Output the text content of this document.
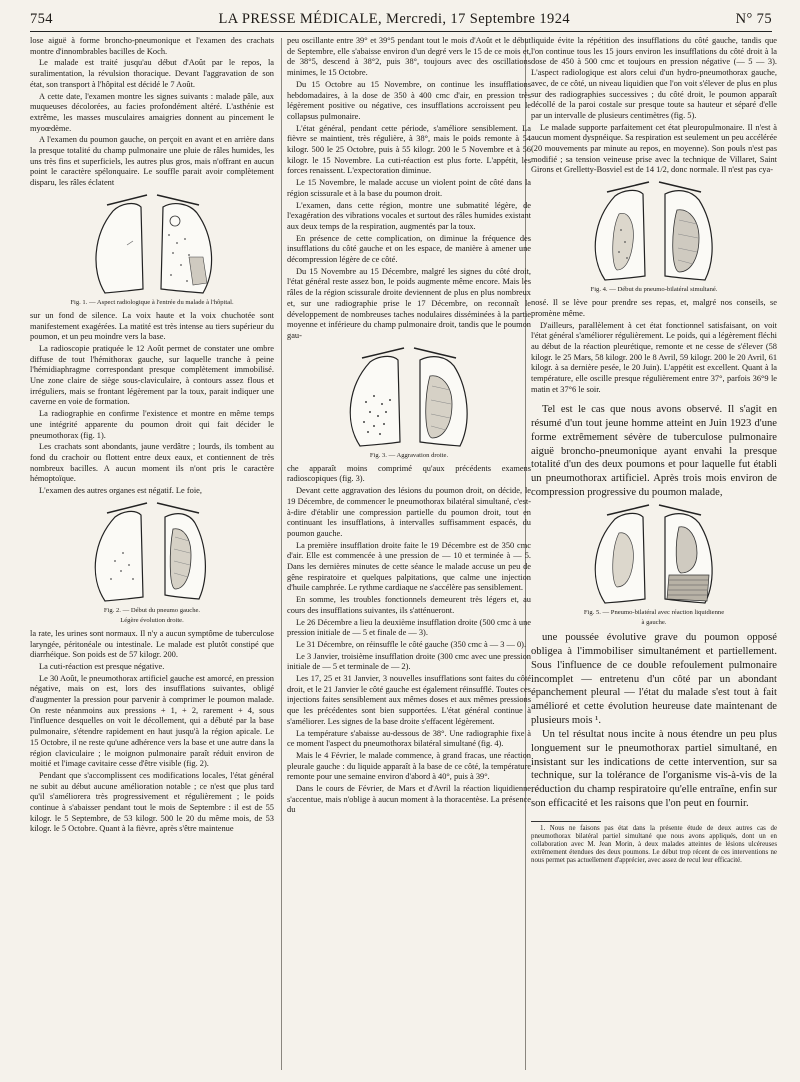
754	LA PRESSE MÉDICALE, Mercredi, 17 Septembre 1924	N° 75

lose aiguë à forme broncho-pneumonique et l'examen des crachats montre d'innombrables bacilles de Koch.

Le malade est traité jusqu'au début d'Août par le repos, la suralimentation, la révulsion thoracique. Devant l'aggravation de son état, son transport à l'hôpital est décidé le 7 Août.

A cette date, l'examen montre les signes suivants : malade pâle, aux muqueuses décolorées, au facies profondément altéré. L'asthénie est extrême, les masses musculaires amaigries donnent au pincement le myoœdème.

A l'examen du poumon gauche, on perçoit en avant et en arrière dans la presque totalité du champ pulmonaire une pluie de râles humides, les uns très fins et superficiels, les autres plus gros, mais n'offrant en aucun point le caractère spélonquaire. Le souffle parait avoir complètement disparu, les râles éclatent

Fig. 1. — Aspect radiologique à l'entrée du malade à l'hôpital.

sur un fond de silence. La voix haute et la voix chuchotée sont manifestement exagérées. La matité est très intense au tiers supérieur du poumon, et un peu moindre vers la base.

La radioscopie pratiquée le 12 Août permet de constater une ombre diffuse de tout l'hémithorax gauche, sur laquelle tranche à peine l'hémidiaphragme correspondant presque complètement immobilisé. Une zone claire de siège sous-claviculaire, à contours assez flous et irréguliers, mais se frontant légèrement par la toux, parait indiquer une caverne en voie de formation.

La radiographie en confirme l'existence et montre en même temps une intégrité apparente du poumon droit qui fait décider le pneumothorax (fig. 1).

Les crachats sont abondants, jaune verdâtre ; lourds, ils tombent au fond du crachoir ou flottent entre deux eaux, et contiennent de très nombreux bacilles. A aucun moment ils n'ont pris le caractère hémoptoïque.

L'examen des autres organes est négatif. Le foie,

Fig. 2. — Début du pneumo gauche.
Légère évolution droite.

la rate, les urines sont normaux. Il n'y a aucun symptôme de tuberculose laryngée, péritonéale ou intestinale. Le malade est plutôt constipé que diarrhéique. Son poids est de 57 kilogr. 200.

La cuti-réaction est presque négative.

Le 30 Août, le pneumothorax artificiel gauche est amorcé, en pression négative, mais on est, lors des insufflations suivantes, obligé d'augmenter la pression pour parvenir à comprimer le poumon malade. On reste néanmoins aux pressions + 1, + 2, rarement + 4, sous l'influence desquelles on voit le décollement, qui a débuté par la base pulmonaire, s'étendre rapidement en haut jusqu'à la région apicale. Le 15 Octobre, il ne reste qu'une adhérence vers la base et une autre dans la région claviculaire ; le moignon pulmonaire paraît réduit environ de moitié et l'image cavitaire cesse d'être visible (fig. 2).

Pendant que s'accomplissent ces modifications locales, l'état général ne subit au début aucune amélioration notable ; ce n'est que plus tard qu'il s'améliorera très progressivement et régulièrement ; le poids continue à s'abaisser pendant tout le mois de Septembre : il est de 55 kilogr. le 5 Septembre, de 53 kilogr. 500 le 20 du même mois, de 53 kilogr. le 5 Octobre. Quant à la fièvre, après s'être maintenue

peu oscillante entre 39° et 39°5 pendant tout le mois d'Août et le début de Septembre, elle s'abaisse environ d'un degré vers le 15 de ce mois et, de 38°5, descend à 38°2, puis 38°, toujours avec des oscillations minimes, le 15 Octobre.

Du 15 Octobre au 15 Novembre, on continue les insufflations hebdomadaires, à la dose de 350 à 400 cmc d'air, en pression très légèrement positive ou négative, ces insufflations accroissent peu le collapsus pulmonaire.

L'état général, pendant cette période, s'améliore sensiblement. La fièvre se maintient, très régulière, à 38°, mais le poids remonte à 54 kilogr. 500 le 25 Octobre, puis à 55 kilogr. 200 le 5 Novembre et à 56 kilogr. le 15 Novembre. La cuti-réaction est plus forte. L'appétit, les forces renaissent. L'expectoration diminue.

Le 15 Novembre, le malade accuse un violent point de côté dans la région scissurale et à la base du poumon droit.

L'examen, dans cette région, montre une submatité légère, de l'exagération des vibrations vocales et surtout des râles humides existant aux deux temps de la respiration, augmentés par la toux.

En présence de cette complication, on diminue la fréquence des insufflations du côté gauche et on les espace, de manière à amener une décompression légère de ce côté.

Du 15 Novembre au 15 Décembre, malgré les signes du côté droit, l'état général reste assez bon, le poids augmente même encore. Mais les râles de la région scissurale droite deviennent de plus en plus nombreux et, sur une radiographie prise le 17 Décembre, on reconnaît le développement de nombreuses taches nodulaires disséminées à la partie moyenne et inférieure du champ pulmonaire droit, tandis que le poumon gau-

Fig. 3. — Aggravation droite.

che apparaît moins comprimé qu'aux précédents examens radioscopiques (fig. 3).

Devant cette aggravation des lésions du poumon droit, on décide, le 19 Décembre, de commencer le pneumothorax bilatéral simultané, c'est-à-dire d'établir une compression partielle du poumon droit, tout en continuant les insufflations, à intervalles suffisamment espacés, du poumon gauche.

La première insufflation droite faite le 19 Décembre est de 350 cmc d'air. Elle est commencée à une pression de — 10 et terminée à — 5. Dans les dernières minutes de cette séance le malade accuse un peu de gêne respiratoire et quelques palpitations, que calme une injection d'huile camphrée. Le rythme cardiaque ne s'accélère pas sensiblement.

En somme, les troubles fonctionnels demeurent très légers et, au cours des insufflations suivantes, ils s'atténueront.

Le 26 Décembre a lieu la deuxième insufflation droite (500 cmc à une pression initiale de — 5 et finale de — 3).

Le 31 Décembre, on réinsuffle le côté gauche (350 cmc à — 3 — 0).

Le 3 Janvier, troisième insufflation droite (300 cmc avec une pression initiale de — 5 et terminale de — 2).

Les 17, 25 et 31 Janvier, 3 nouvelles insufflations sont faites du côté droit, et le 21 Janvier le côté gauche est également réinsufflé. Toutes ces injections faites sensiblement aux mêmes doses et aux mêmes pressions que les précédentes sont bien supportées. L'état général continue à s'améliorer. Les signes de la base droite s'effacent légèrement.

La température s'abaisse au-dessous de 38°. Une radiographie fixe à ce moment l'aspect du pneumothorax bilatéral simultané (fig. 4).

Mais le 4 Février, le malade commence, à grand fracas, une réaction pleurale gauche : du liquide apparaît à la base de ce côté, la température remonte pour une semaine environ d'abord à 40°, puis à 39°.

Dans le cours de Février, de Mars et d'Avril la réaction liquidienne s'accentue, mais n'oblige à aucun moment à la thoracentèse. La présence du

liquide évite la répétition des insufflations du côté gauche, tandis que l'on continue tous les 15 jours environ les insufflations du côté droit à la dose de 450 à 500 cmc et toujours en pression négative (— 5 — 3). L'aspect radiologique est alors celui d'un hydro-pneumothorax gauche, avec, de ce côté, un niveau liquidien que l'on voit s'élever de plus en plus sur des radiographies successives ; du côté droit, le poumon apparaît décollé de la paroi costale sur presque toute sa hauteur et séparé d'elle par un intervalle de plusieurs centimètres (fig. 5).

Le malade supporte parfaitement cet état pleuropulmonaire. Il n'est à aucun moment dyspnéique. Sa respiration est seulement un peu accélérée (20 mouvements par minute au repos, en moyenne). Son pouls n'est pas modifié ; sa tension veineuse prise avec la technique de Villaret, Saint Girons et Grelletty-Bosviel est de 14 1/2, donc normale. Il n'est pas cya-

Fig. 4. — Début du pneumo-bilatéral simultané.

nosé. Il se lève pour prendre ses repas, et, malgré nos conseils, se promène même.

D'ailleurs, parallèlement à cet état fonctionnel satisfaisant, on voit l'état général s'améliorer régulièrement. Le poids, qui a légèrement fléchi au début de la réaction pleurétique, remonte et ne cesse de s'élever (58 kilogr. le 25 Mars, 58 kilogr. 200 le 8 Avril, 59 kilogr. 200 le 20 Avril, 61 kilogr. à sa dernière pesée, le 20 Juin). L'appétit est excellent. Quant à la température, elle oscille presque régulièrement entre 37°, parfois 36°9 le matin et 37°6 le soir.

Tel est le cas que nous avons observé. Il s'agit en résumé d'un tout jeune homme atteint en Juin 1923 d'une forme extrêmement sévère de tuberculose pulmonaire aiguë broncho-pneumonique ayant envahi la presque totalité d'un des deux poumons et pour laquelle fut établi un pneumothorax artificiel. Après trois mois environ de compression progressive du poumon malade,

Fig. 5. — Pneumo-bilatéral avec réaction liquidienne
à gauche.

une poussée évolutive grave du poumon opposé obligea à l'immobiliser simultanément et partiellement. Sous l'influence de ce double refoulement pulmonaire incomplet — entretenu d'un côté par un abondant épanchement pleural — l'état du malade s'est tout à fait amélioré et cette évolution heureuse date maintenant de plusieurs mois ¹.

Un tel résultat nous incite à nous étendre un peu plus longuement sur le pneumothorax partiel simultané, en insistant sur les indications de cette intervention, sur sa technique, sur la tolérance de l'organisme vis-à-vis de la réduction du champ respiratoire qu'elle entraîne, enfin sur son efficacité et les raisons que l'on peut en fournir.

1. Nous ne faisons pas état dans la présente étude de deux autres cas de pneumothorax bilatéral partiel simultané que nous avons appliqués, dont un en collaboration avec M. Jean Morin, à deux malades atteintes de lésions ulcéreuses extrêmement étendues des deux poumons. Le début trop récent de ces interventions ne nous permet pas actuellement d'apprécier, avec assez de recul leur efficacité.
